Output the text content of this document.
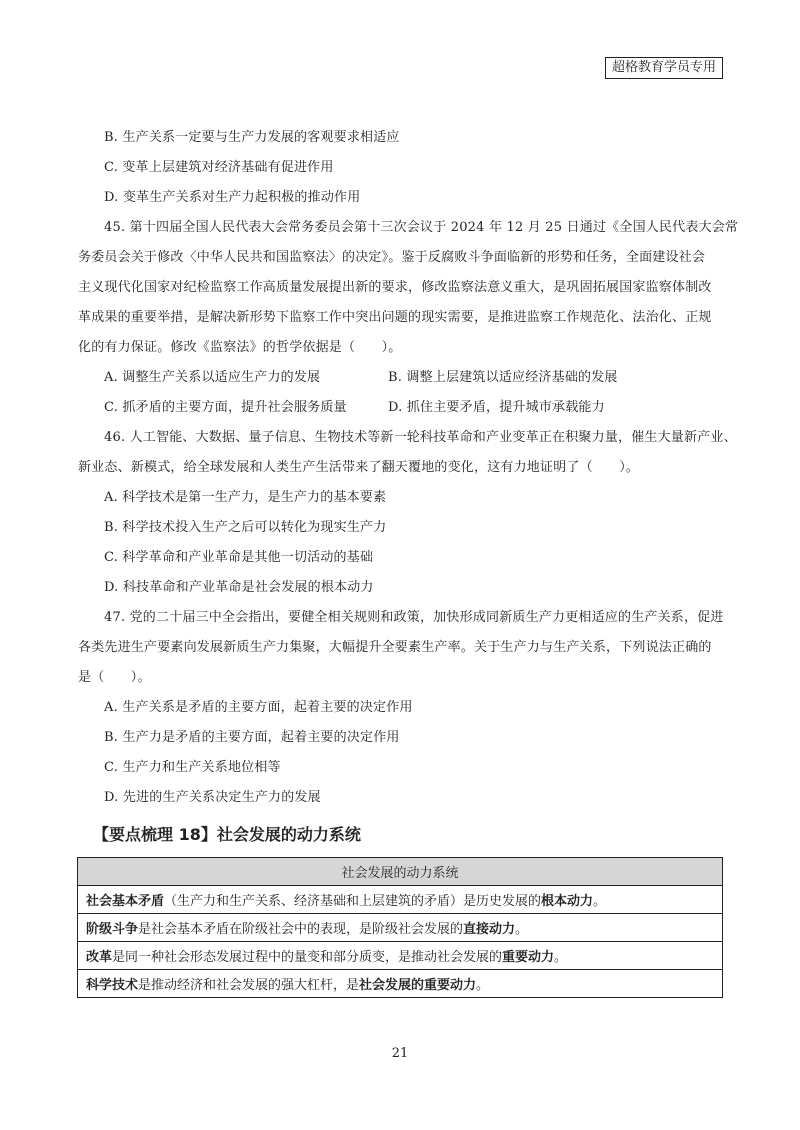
超格教育学员专用
B. 生产关系一定要与生产力发展的客观要求相适应
C. 变革上层建筑对经济基础有促进作用
D. 变革生产关系对生产力起积极的推动作用
45. 第十四届全国人民代表大会常务委员会第十三次会议于 2024 年 12 月 25 日通过《全国人民代表大会常
务委员会关于修改〈中华人民共和国监察法〉的决定》。鉴于反腐败斗争面临新的形势和任务，全面建设社会
主义现代化国家对纪检监察工作高质量发展提出新的要求，修改监察法意义重大，是巩固拓展国家监察体制改
革成果的重要举措，是解决新形势下监察工作中突出问题的现实需要，是推进监察工作规范化、法治化、正规
化的有力保证。修改《监察法》的哲学依据是（　　）。
A. 调整生产关系以适应生产力的发展	B. 调整上层建筑以适应经济基础的发展
C. 抓矛盾的主要方面，提升社会服务质量	D. 抓住主要矛盾，提升城市承载能力
46. 人工智能、大数据、量子信息、生物技术等新一轮科技革命和产业变革正在积聚力量，催生大量新产业、
新业态、新模式，给全球发展和人类生产生活带来了翻天覆地的变化，这有力地证明了（　　）。
A. 科学技术是第一生产力，是生产力的基本要素
B. 科学技术投入生产之后可以转化为现实生产力
C. 科学革命和产业革命是其他一切活动的基础
D. 科技革命和产业革命是社会发展的根本动力
47. 党的二十届三中全会指出，要健全相关规则和政策，加快形成同新质生产力更相适应的生产关系，促进
各类先进生产要素向发展新质生产力集聚，大幅提升全要素生产率。关于生产力与生产关系，下列说法正确的
是（　　）。
A. 生产关系是矛盾的主要方面，起着主要的决定作用
B. 生产力是矛盾的主要方面，起着主要的决定作用
C. 生产力和生产关系地位相等
D. 先进的生产关系决定生产力的发展
【要点梳理 18】社会发展的动力系统
社会发展的动力系统
社会基本矛盾（生产力和生产关系、经济基础和上层建筑的矛盾）是历史发展的根本动力。
阶级斗争是社会基本矛盾在阶级社会中的表现，是阶级社会发展的直接动力。
改革是同一种社会形态发展过程中的量变和部分质变，是推动社会发展的重要动力。
科学技术是推动经济和社会发展的强大杠杆，是社会发展的重要动力。
21
